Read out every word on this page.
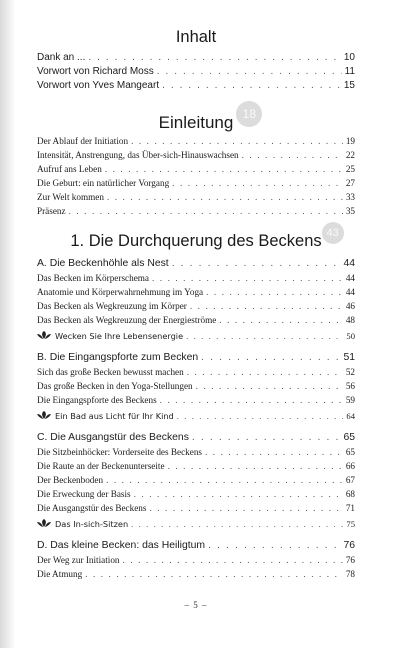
Inhalt
Einleitung 18
1. Die Durchquerung des Beckens 43
Dank an ... . . .	10
Vorwort von Richard Moss . . .	11
Vorwort von Yves Mangeart . . .	15
Der Ablauf der Initiation . . .	19
Intensität, Anstrengung, das Über-sich-Hinauswachsen . . .	22
Aufruf ans Leben . . .	25
Die Geburt: ein natürlicher Vorgang . . .	27
Zur Welt kommen . . .	33
Präsenz . . .	35
A. Die Beckenhöhle als Nest . . .	44
Das Becken im Körperschema . . .	44
Anatomie und Körperwahrnehmung im Yoga . . .	44
Das Becken als Wegkreuzung im Körper . . .	46
Das Becken als Wegkreuzung der Energieströme . . .	48
Wecken Sie Ihre Lebensenergie . . .	50
B. Die Eingangspforte zum Becken . . .	51
Sich das große Becken bewusst machen . . .	52
Das große Becken in den Yoga-Stellungen . . .	56
Die Eingangspforte des Beckens . . .	59
Ein Bad aus Licht für Ihr Kind . . .	64
C. Die Ausgangstür des Beckens . . .	65
Die Sitzbeinhöcker: Vorderseite des Beckens . . .	65
Die Raute an der Beckenunterseite . . .	66
Der Beckenboden . . .	67
Die Erweckung der Basis . . .	68
Die Ausgangstür des Beckens . . .	71
Das In-sich-Sitzen . . .	75
D. Das kleine Becken: das Heiligtum . . .	76
Der Weg zur Initiation . . .	76
Die Atmung . . .	78
– 5 –
